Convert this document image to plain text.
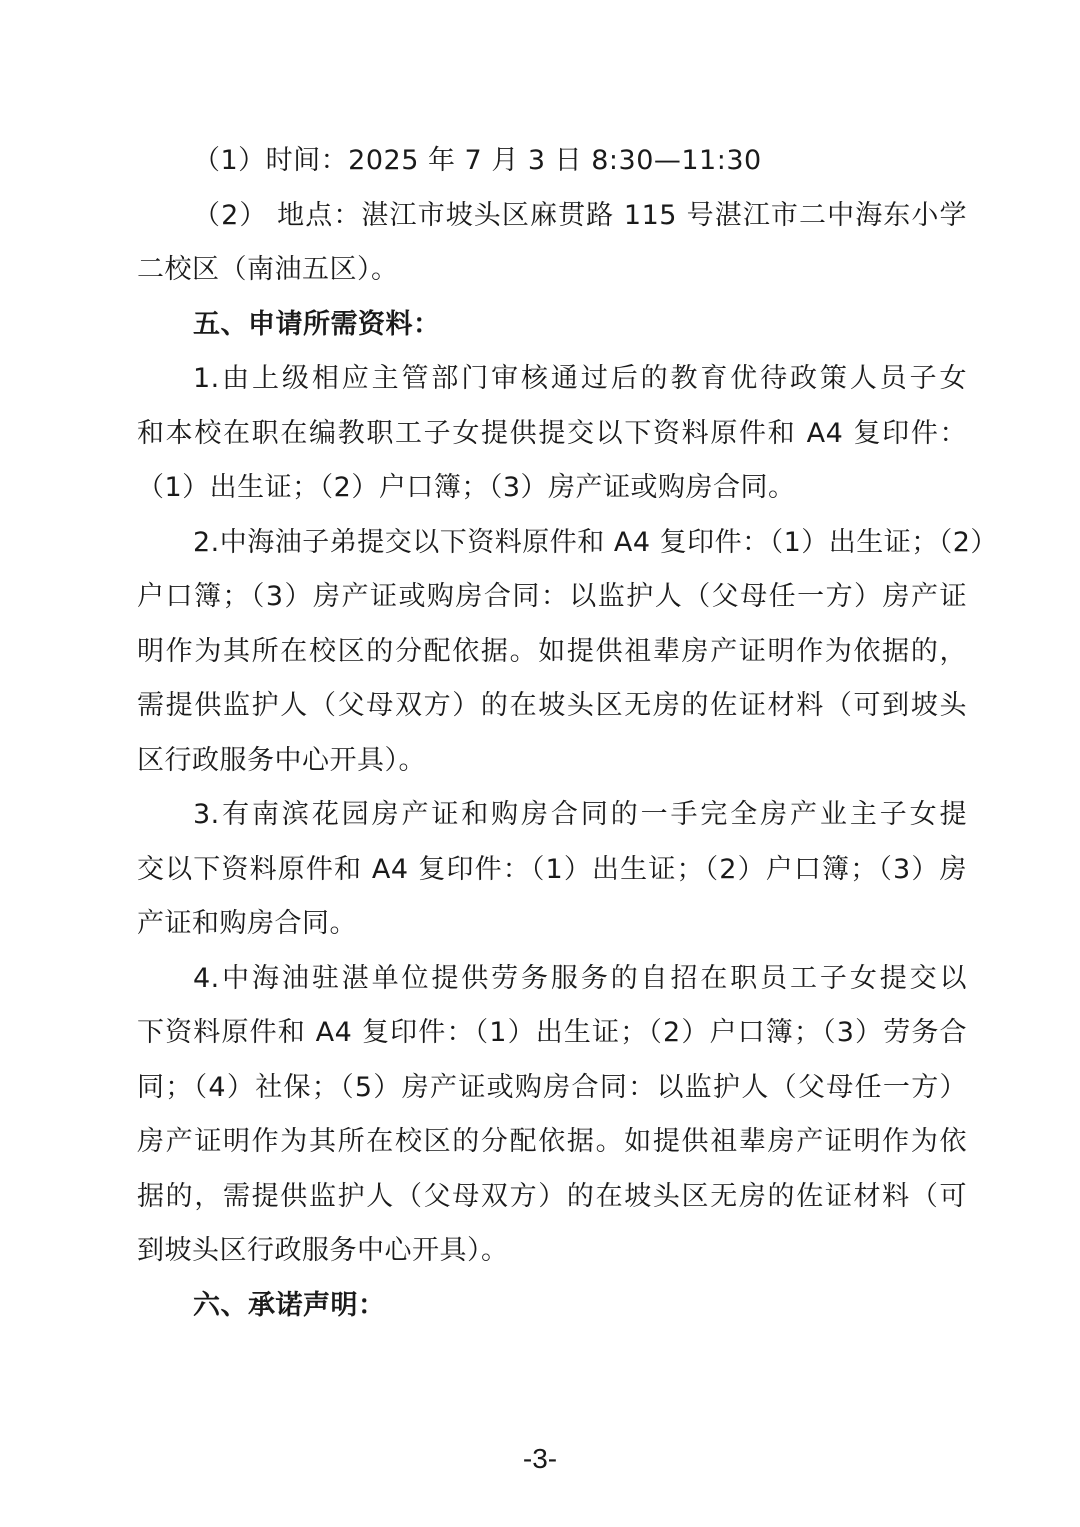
（1）时间：2025 年 7 月 3 日 8:30—11:30
（2） 地点：湛江市坡头区麻贯路 115 号湛江市二中海东小学
二校区（南油五区）。
五、申请所需资料：
1.由上级相应主管部门审核通过后的教育优待政策人员子女
和本校在职在编教职工子女提供提交以下资料原件和 A4 复印件：
（1）出生证；（2）户口簿；（3）房产证或购房合同。
2.中海油子弟提交以下资料原件和 A4 复印件：（1）出生证；（2）
户口簿；（3）房产证或购房合同：以监护人（父母任一方）房产证
明作为其所在校区的分配依据。如提供祖辈房产证明作为依据的，
需提供监护人（父母双方）的在坡头区无房的佐证材料（可到坡头
区行政服务中心开具）。
3.有南滨花园房产证和购房合同的一手完全房产业主子女提
交以下资料原件和 A4 复印件：（1）出生证；（2）户口簿；（3）房
产证和购房合同。
4.中海油驻湛单位提供劳务服务的自招在职员工子女提交以
下资料原件和 A4 复印件：（1）出生证；（2）户口簿；（3）劳务合
同；（4）社保；（5）房产证或购房合同：以监护人（父母任一方）
房产证明作为其所在校区的分配依据。如提供祖辈房产证明作为依
据的，需提供监护人（父母双方）的在坡头区无房的佐证材料（可
到坡头区行政服务中心开具）。
六、承诺声明：
-3-
